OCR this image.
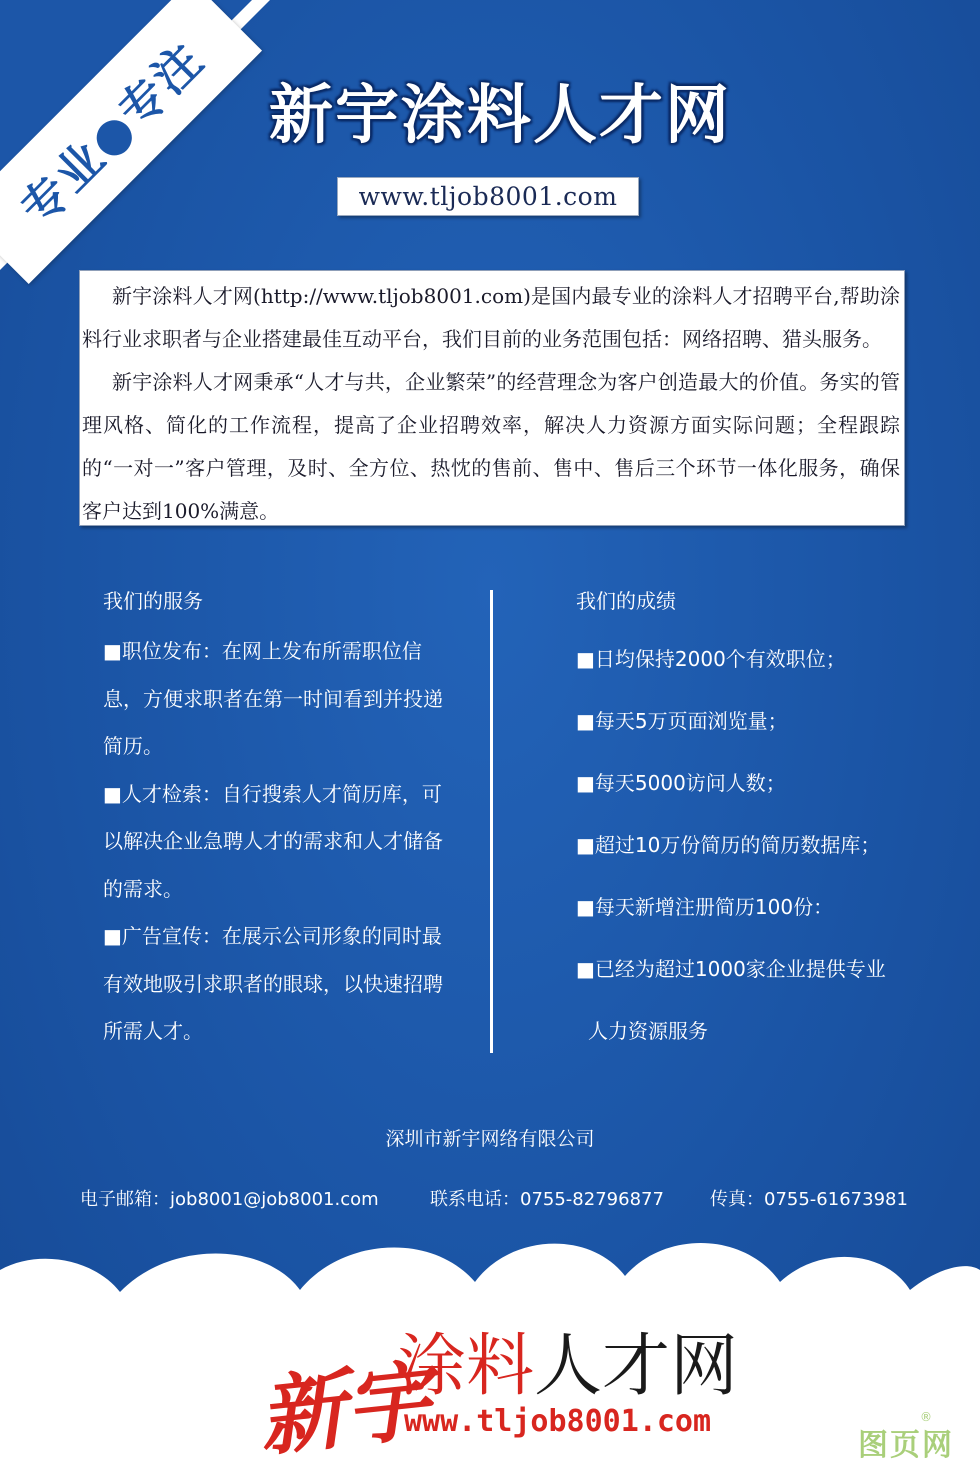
专业●专注 新宇涂料人才网
www.tljob8001.com

新宇涂料人才网(http://www.tljob8001.com)是国内最专业的涂料人才招聘平台,帮助涂料行业求职者与企业搭建最佳互动平台，我们目前的业务范围包括：网络招聘、猎头服务。

新宇涂料人才网秉承“人才与共，企业繁荣”的经营理念为客户创造最大的价值。务实的管理风格、简化的工作流程，提高了企业招聘效率，解决人力资源方面实际问题；全程跟踪的“一对一”客户管理，及时、全方位、热忱的售前、售中、售后三个环节一体化服务，确保客户达到100%满意。

我们的服务
■职位发布：在网上发布所需职位信息，方便求职者在第一时间看到并投递简历。
■人才检索：自行搜索人才简历库，可以解决企业急聘人才的需求和人才储备的需求。
■广告宣传：在展示公司形象的同时最有效地吸引求职者的眼球，以快速招聘所需人才。
我们的成绩
■日均保持2000个有效职位；
■每天5万页面浏览量；
■每天5000访问人数；
■超过10万份简历的简历数据库；
■每天新增注册简历100份：
■已经为超过1000家企业提供专业
人力资源服务
深圳市新宇网络有限公司
电子邮箱：job8001@job8001.com	联系电话：0755-82796877	传真：0755-61673981
新宇
涂料人才网
www.tljob8001.com
图页网
®
